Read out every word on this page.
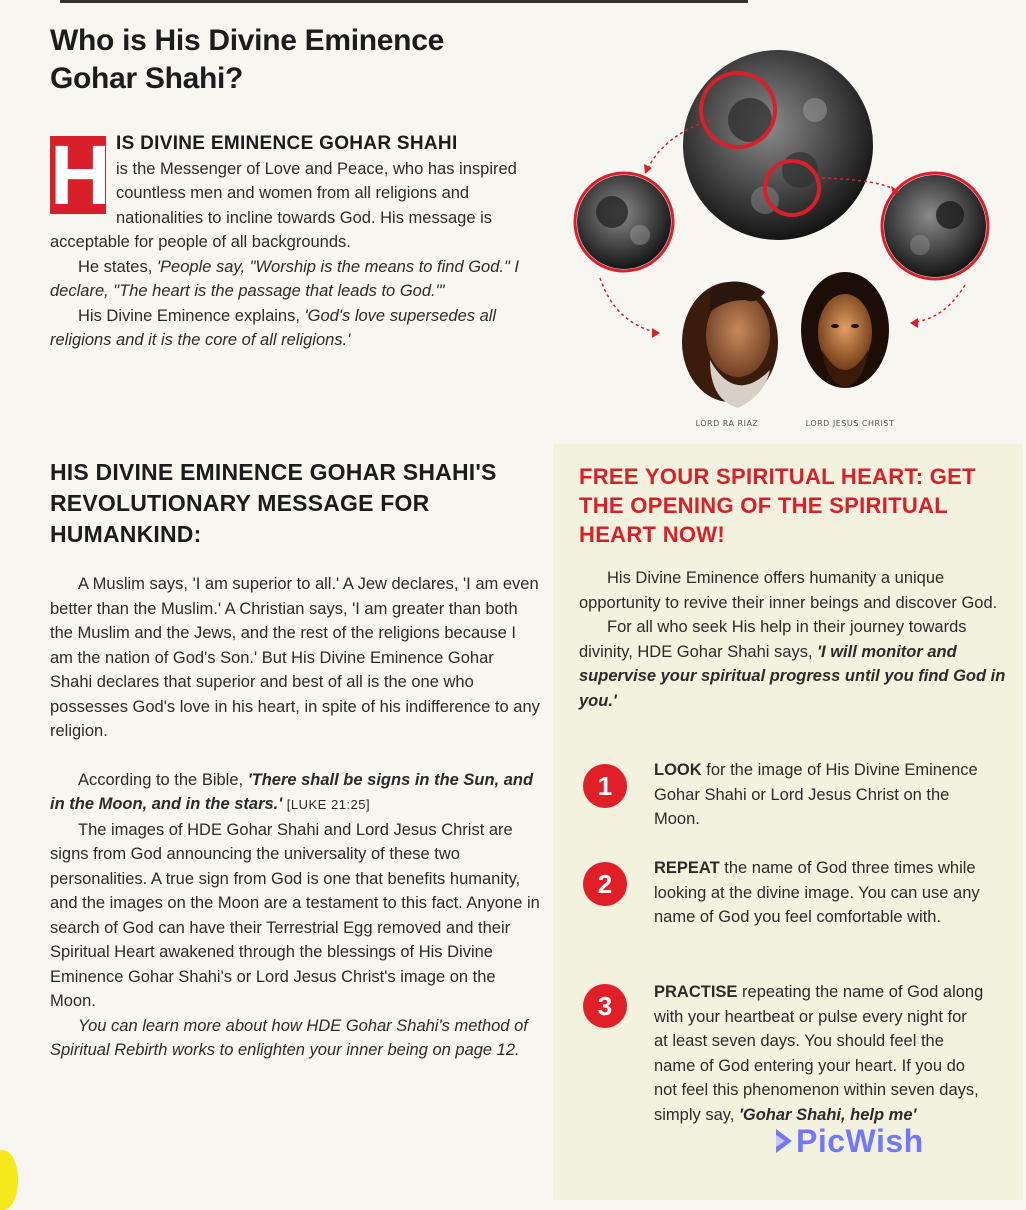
Who is His Divine Eminence Gohar Shahi?
H IS DIVINE EMINENCE GOHAR SHAHI
is the Messenger of Love and Peace, who has inspired countless men and women from all religions and nationalities to incline towards God. His message is acceptable for people of all backgrounds.

He states, 'People say, "Worship is the means to find God." I declare, "The heart is the passage that leads to God."'

His Divine Eminence explains, 'God's love supersedes all religions and it is the core of all religions.'

LORD RA RIAZ	LORD JESUS CHRIST
HIS DIVINE EMINENCE GOHAR SHAHI'S REVOLUTIONARY MESSAGE FOR HUMANKIND:

A Muslim says, 'I am superior to all.' A Jew declares, 'I am even better than the Muslim.' A Christian says, 'I am greater than both the Muslim and the Jews, and the rest of the religions because I am the nation of God's Son.' But His Divine Eminence Gohar Shahi declares that superior and best of all is the one who possesses God's love in his heart, in spite of his indifference to any religion.

According to the Bible, 'There shall be signs in the Sun, and in the Moon, and in the stars.' [LUKE 21:25]

The images of HDE Gohar Shahi and Lord Jesus Christ are signs from God announcing the universality of these two personalities. A true sign from God is one that benefits humanity, and the images on the Moon are a testament to this fact. Anyone in search of God can have their Terrestrial Egg removed and their Spiritual Heart awakened through the blessings of His Divine Eminence Gohar Shahi's or Lord Jesus Christ's image on the Moon.

You can learn more about how HDE Gohar Shahi's method of Spiritual Rebirth works to enlighten your inner being on page 12.

FREE YOUR SPIRITUAL HEART: GET THE OPENING OF THE SPIRITUAL HEART NOW!

His Divine Eminence offers humanity a unique opportunity to revive their inner beings and discover God.

For all who seek His help in their journey towards divinity, HDE Gohar Shahi says, 'I will monitor and supervise your spiritual progress until you find God in you.'

1
LOOK for the image of His Divine Eminence Gohar Shahi or Lord Jesus Christ on the Moon.
2
REPEAT the name of God three times while looking at the divine image. You can use any name of God you feel comfortable with.
3	PRACTISE repeating the name of God along with your heartbeat or pulse every night for at least seven days. You should feel the name of God entering your heart. If you do not feel this phenomenon within seven days, simply say, 'Gohar Shahi, help me'
PicWish
